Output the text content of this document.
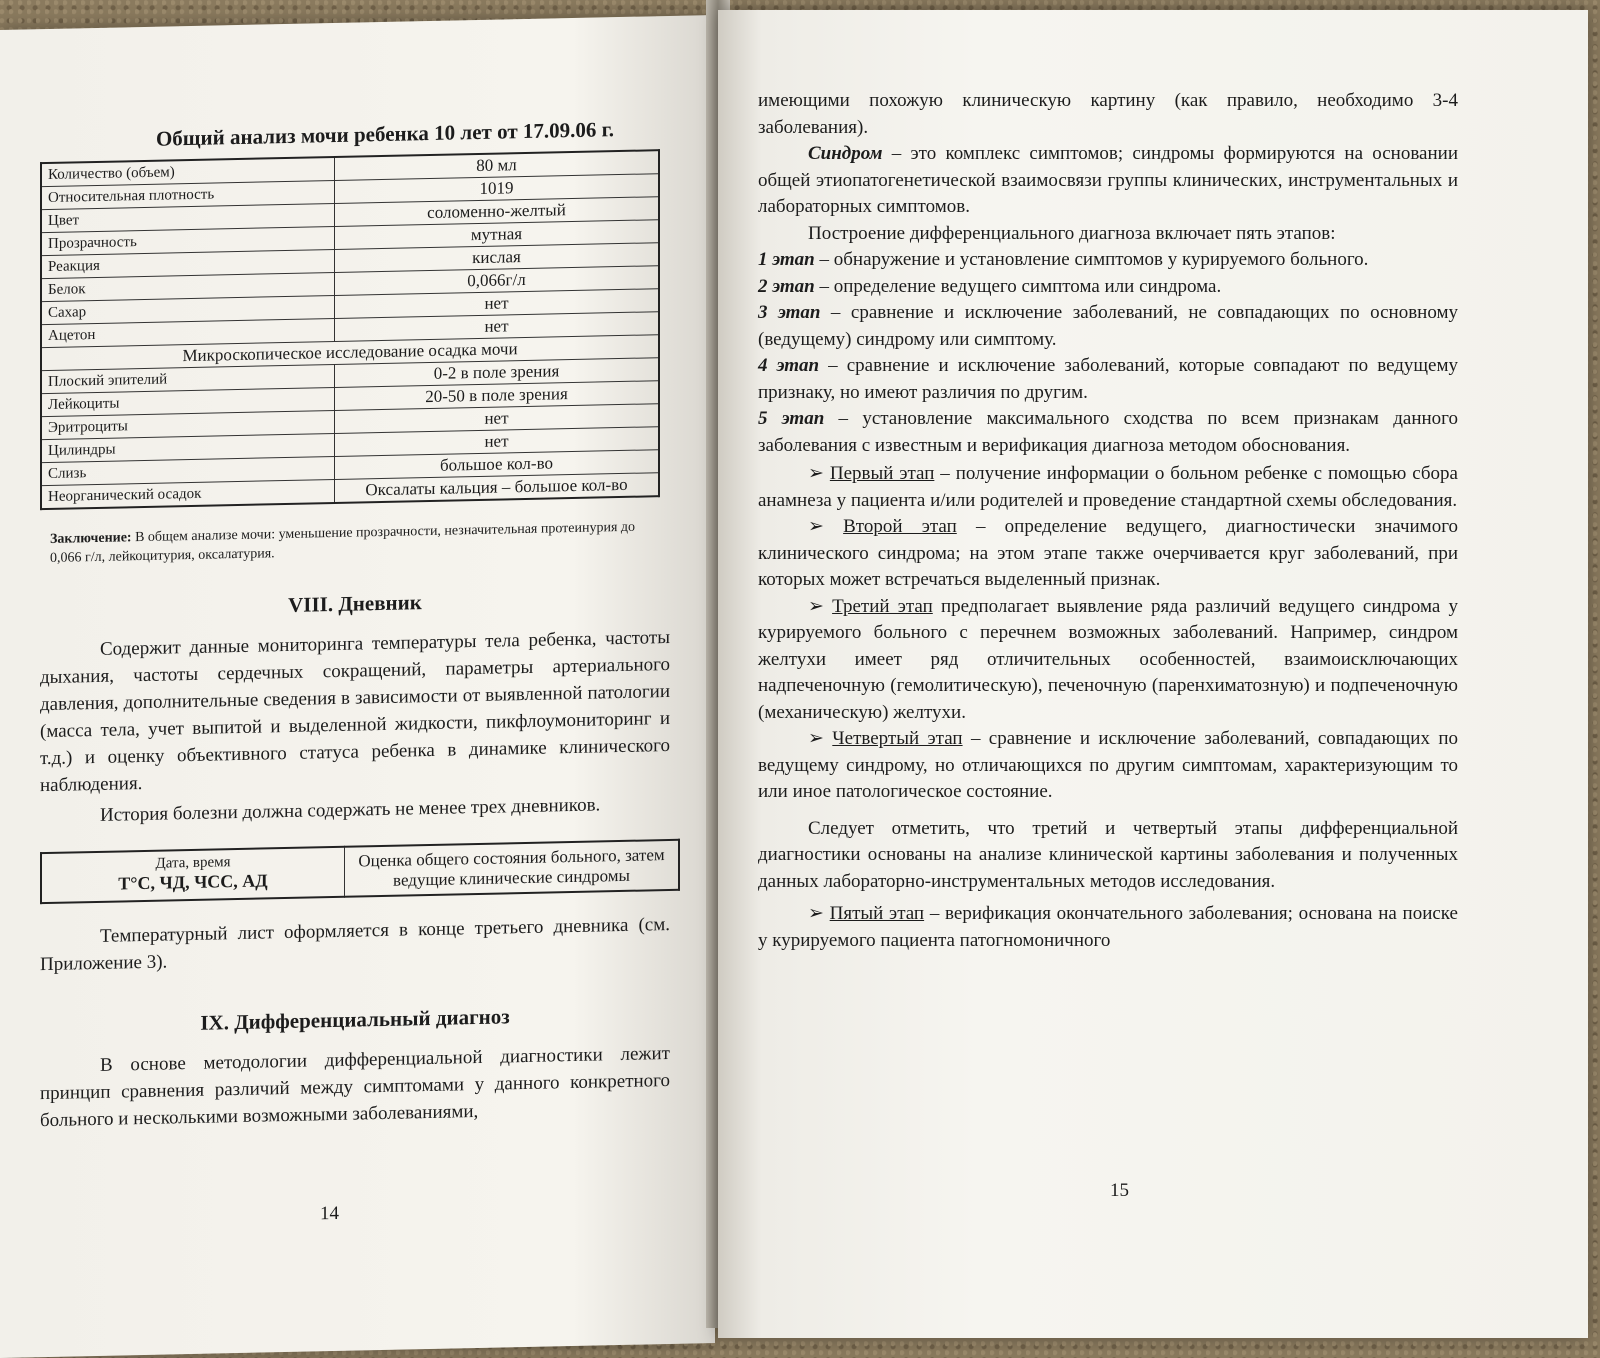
Общий анализ мочи ребенка 10 лет от 17.09.06 г.
Количество (объем)	80 мл
Относительная плотность	1019
Цвет	соломенно-желтый
Прозрачность	мутная
Реакция	кислая
Белок	0,066г/л
Сахар	нет
Ацетон	нет
Микроскопическое исследование осадка мочи	
Плоский эпителий	0-2 в поле зрения
Лейкоциты	20-50 в поле зрения
Эритроциты	нет
Цилиндры	нет
Слизь	большое кол-во
Неорганический осадок	Оксалаты кальция – большое кол-во
Заключение: В общем анализе мочи: уменьшение прозрачности, незначительная протеинурия до 0,066 г/л, лейкоцитурия, оксалатурия.
VIII. Дневник

Содержит данные мониторинга температуры тела ребенка, частоты дыхания, частоты сердечных сокращений, параметры артериального давления, дополнительные сведения в зависимости от выявленной патологии (масса тела, учет выпитой и выделенной жидкости, пикфлоумониторинг и т.д.) и оценку объективного статуса ребенка в динамике клинического наблюдения.

История болезни должна содержать не менее трех дневников.

Дата, время
T°C, ЧД, ЧСС, АД
	Оценка общего состояния больного, затем ведущие клинические синдромы

Температурный лист оформляется в конце третьего дневника (см. Приложение 3).

IX. Дифференциальный диагноз

В основе методологии дифференциальной диагностики лежит принцип сравнения различий между симптомами у данного конкретного больного и несколькими возможными заболеваниями,

14

имеющими похожую клиническую картину (как правило, необходимо 3-4 заболевания).

Синдром – это комплекс симптомов; синдромы формируются на основании общей этиопатогенетической взаимосвязи группы клинических, инструментальных и лабораторных симптомов.

Построение дифференциального диагноза включает пять этапов:

1 этап – обнаружение и установление симптомов у курируемого больного.

2 этап – определение ведущего симптома или синдрома.

3 этап – сравнение и исключение заболеваний, не совпадающих по основному (ведущему) синдрому или симптому.

4 этап – сравнение и исключение заболеваний, которые совпадают по ведущему признаку, но имеют различия по другим.

5 этап – установление максимального сходства по всем признакам данного заболевания с известным и верификация диагноза методом обоснования.

➢ Первый этап – получение информации о больном ребенке с помощью сбора анамнеза у пациента и/или родителей и проведение стандартной схемы обследования.

➢ Второй этап – определение ведущего, диагностически значимого клинического синдрома; на этом этапе также очерчивается круг заболеваний, при которых может встречаться выделенный признак.

➢ Третий этап предполагает выявление ряда различий ведущего синдрома у курируемого больного с перечнем возможных заболеваний. Например, синдром желтухи имеет ряд отличительных особенностей, взаимоисключающих надпеченочную (гемолитическую), печеночную (паренхиматозную) и подпеченочную (механическую) желтухи.

➢ Четвертый этап – сравнение и исключение заболеваний, совпадающих по ведущему синдрому, но отличающихся по другим симптомам, характеризующим то или иное патологическое состояние.

Следует отметить, что третий и четвертый этапы дифференциальной диагностики основаны на анализе клинической картины заболевания и полученных данных лабораторно-инструментальных методов исследования.

➢ Пятый этап – верификация окончательного заболевания; основана на поиске у курируемого пациента патогномоничного

15
